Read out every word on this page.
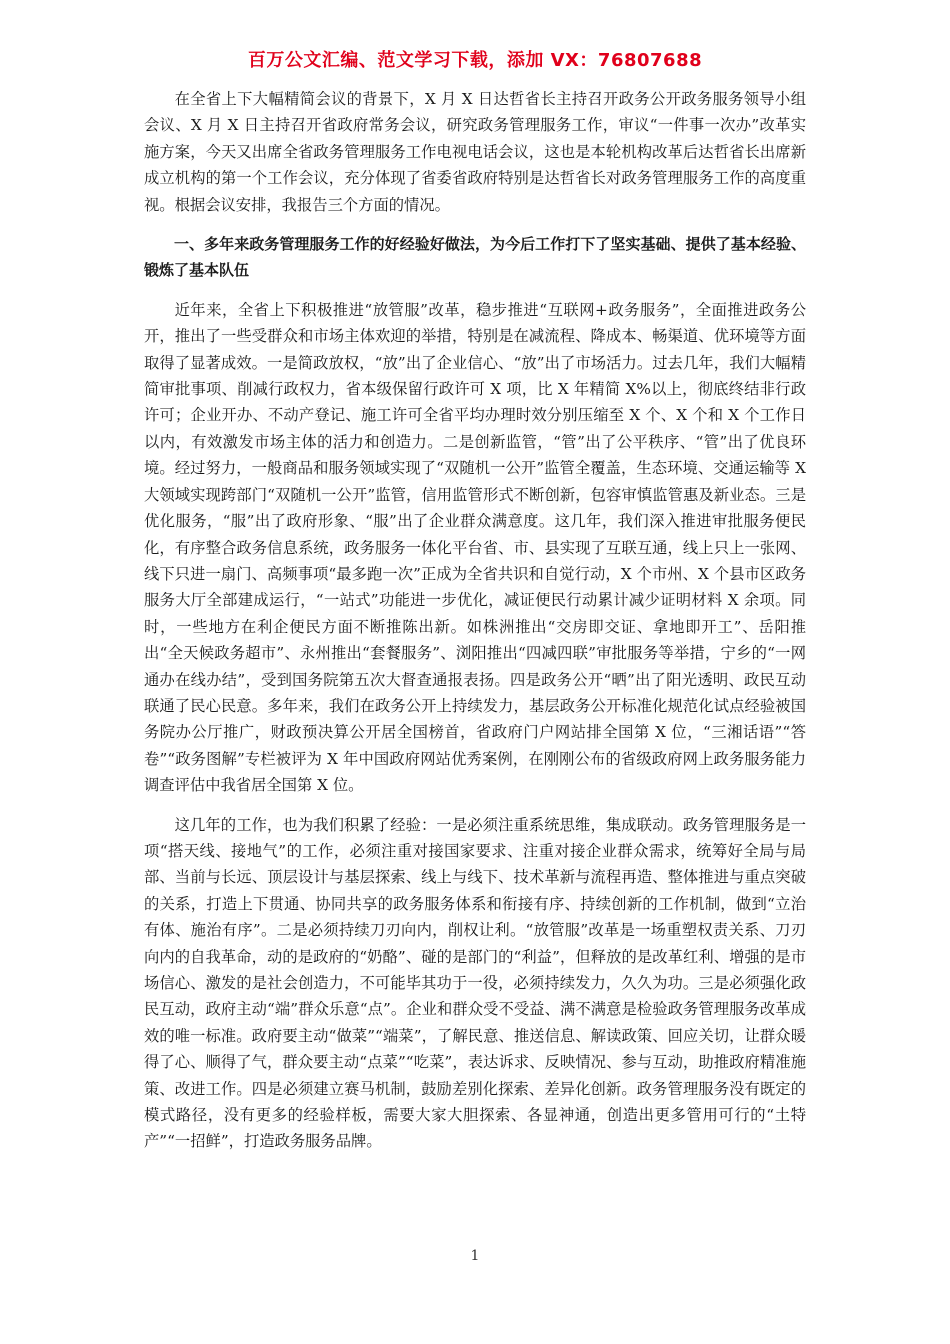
百万公文汇编、范文学习下载，添加 VX：76807688

在全省上下大幅精简会议的背景下，X 月 X 日达哲省长主持召开政务公开政务服务领导小组会议、X 月 X 日主持召开省政府常务会议，研究政务管理服务工作，审议“一件事一次办”改革实施方案，今天又出席全省政务管理服务工作电视电话会议，这也是本轮机构改革后达哲省长出席新成立机构的第一个工作会议，充分体现了省委省政府特别是达哲省长对政务管理服务工作的高度重视。根据会议安排，我报告三个方面的情况。

一、多年来政务管理服务工作的好经验好做法，为今后工作打下了坚实基础、提供了基本经验、锻炼了基本队伍

近年来，全省上下积极推进“放管服”改革，稳步推进“互联网+政务服务”，全面推进政务公开，推出了一些受群众和市场主体欢迎的举措，特别是在减流程、降成本、畅渠道、优环境等方面取得了显著成效。一是简政放权，“放”出了企业信心、“放”出了市场活力。过去几年，我们大幅精简审批事项、削减行政权力，省本级保留行政许可 X 项，比 X 年精简 X%以上，彻底终结非行政许可；企业开办、不动产登记、施工许可全省平均办理时效分别压缩至 X 个、X 个和 X 个工作日以内，有效激发市场主体的活力和创造力。二是创新监管，“管”出了公平秩序、“管”出了优良环境。经过努力，一般商品和服务领域实现了“双随机一公开”监管全覆盖，生态环境、交通运输等 X 大领域实现跨部门“双随机一公开”监管，信用监管形式不断创新，包容审慎监管惠及新业态。三是优化服务，“服”出了政府形象、“服”出了企业群众满意度。这几年，我们深入推进审批服务便民化，有序整合政务信息系统，政务服务一体化平台省、市、县实现了互联互通，线上只上一张网、线下只进一扇门、高频事项“最多跑一次”正成为全省共识和自觉行动，X 个市州、X 个县市区政务服务大厅全部建成运行，“一站式”功能进一步优化，减证便民行动累计减少证明材料 X 余项。同时，一些地方在利企便民方面不断推陈出新。如株洲推出“交房即交证、拿地即开工”、岳阳推出“全天候政务超市”、永州推出“套餐服务”、浏阳推出“四减四联”审批服务等举措，宁乡的“一网通办在线办结”，受到国务院第五次大督查通报表扬。四是政务公开“晒”出了阳光透明、政民互动联通了民心民意。多年来，我们在政务公开上持续发力，基层政务公开标准化规范化试点经验被国务院办公厅推广，财政预决算公开居全国榜首，省政府门户网站排全国第 X 位，“三湘话语”“答卷”“政务图解”专栏被评为 X 年中国政府网站优秀案例，在刚刚公布的省级政府网上政务服务能力调查评估中我省居全国第 X 位。

这几年的工作，也为我们积累了经验：一是必须注重系统思维，集成联动。政务管理服务是一项“搭天线、接地气”的工作，必须注重对接国家要求、注重对接企业群众需求，统筹好全局与局部、当前与长远、顶层设计与基层探索、线上与线下、技术革新与流程再造、整体推进与重点突破的关系，打造上下贯通、协同共享的政务服务体系和衔接有序、持续创新的工作机制，做到“立治有体、施治有序”。二是必须持续刀刃向内，削权让利。“放管服”改革是一场重塑权责关系、刀刃向内的自我革命，动的是政府的“奶酪”、碰的是部门的“利益”，但释放的是改革红利、增强的是市场信心、激发的是社会创造力，不可能毕其功于一役，必须持续发力，久久为功。三是必须强化政民互动，政府主动“端”群众乐意“点”。企业和群众受不受益、满不满意是检验政务管理服务改革成效的唯一标准。政府要主动“做菜”“端菜”，了解民意、推送信息、解读政策、回应关切，让群众暖得了心、顺得了气，群众要主动“点菜”“吃菜”，表达诉求、反映情况、参与互动，助推政府精准施策、改进工作。四是必须建立赛马机制，鼓励差别化探索、差异化创新。政务管理服务没有既定的模式路径，没有更多的经验样板，需要大家大胆探索、各显神通，创造出更多管用可行的“土特产”“一招鲜”，打造政务服务品牌。

1
